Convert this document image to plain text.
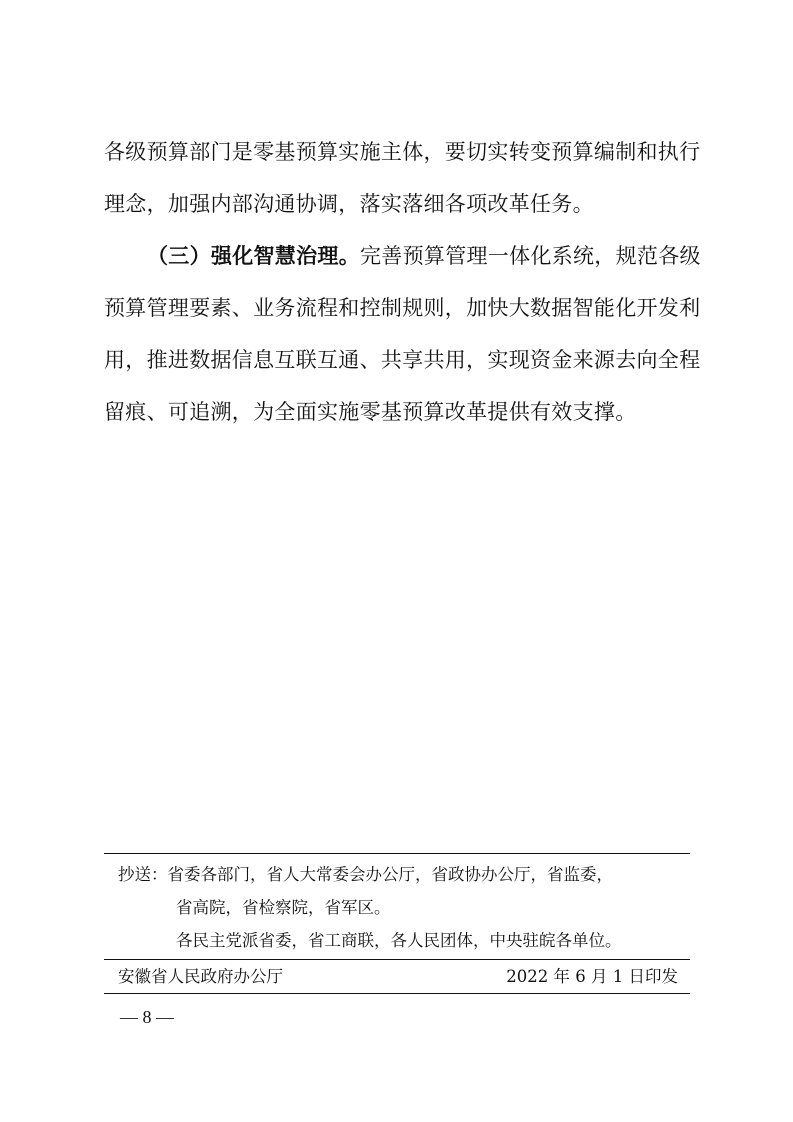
各级预算部门是零基预算实施主体，要切实转变预算编制和执行
理念，加强内部沟通协调，落实落细各项改革任务。
（三）强化智慧治理。完善预算管理一体化系统，规范各级
预算管理要素、业务流程和控制规则，加快大数据智能化开发利
用，推进数据信息互联互通、共享共用，实现资金来源去向全程
留痕、可追溯，为全面实施零基预算改革提供有效支撑。
抄送：省委各部门，省人大常委会办公厅，省政协办公厅，省监委，
省高院，省检察院，省军区。
各民主党派省委，省工商联，各人民团体，中央驻皖各单位。
安徽省人民政府办公厅	2022 年 6 月 1 日印发
— 8 —
